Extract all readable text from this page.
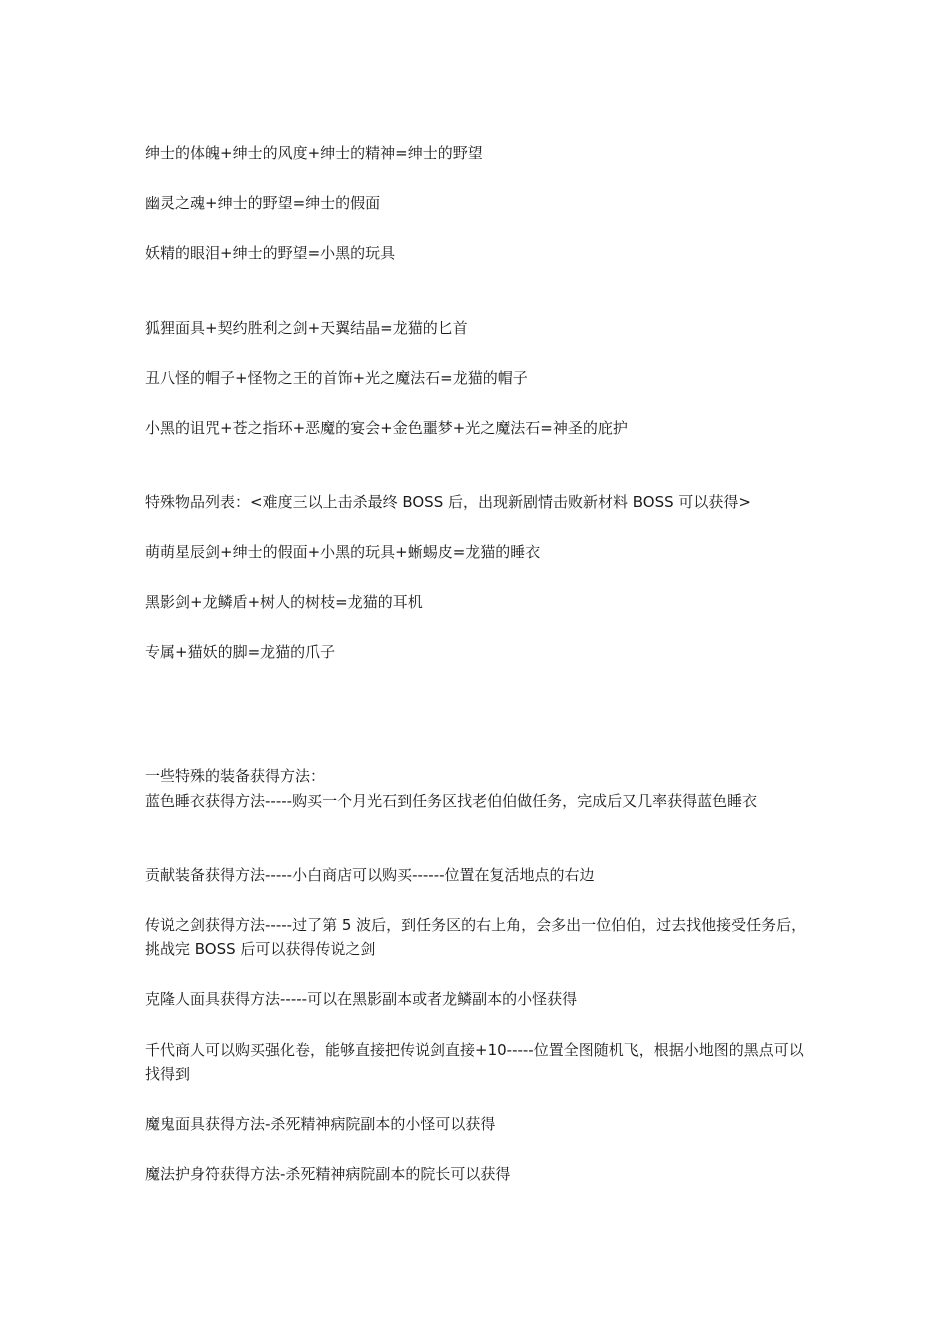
绅士的体魄+绅士的风度+绅士的精神=绅士的野望
幽灵之魂+绅士的野望=绅士的假面
妖精的眼泪+绅士的野望=小黑的玩具
狐狸面具+契约胜利之剑+天翼结晶=龙猫的匕首
丑八怪的帽子+怪物之王的首饰+光之魔法石=龙猫的帽子
小黑的诅咒+苍之指环+恶魔的宴会+金色噩梦+光之魔法石=神圣的庇护
特殊物品列表：<难度三以上击杀最终 BOSS 后，出现新剧情击败新材料 BOSS 可以获得>
萌萌星辰剑+绅士的假面+小黑的玩具+蜥蜴皮=龙猫的睡衣
黑影剑+龙鳞盾+树人的树枝=龙猫的耳机
专属+猫妖的脚=龙猫的爪子
一些特殊的装备获得方法：
蓝色睡衣获得方法-----购买一个月光石到任务区找老伯伯做任务，完成后又几率获得蓝色睡衣
贡献装备获得方法-----小白商店可以购买------位置在复活地点的右边
传说之剑获得方法-----过了第 5 波后，到任务区的右上角，会多出一位伯伯，过去找他接受任务后，挑战完 BOSS 后可以获得传说之剑
克隆人面具获得方法-----可以在黑影副本或者龙鳞副本的小怪获得
千代商人可以购买强化卷，能够直接把传说剑直接+10-----位置全图随机飞，根据小地图的黑点可以找得到
魔鬼面具获得方法-杀死精神病院副本的小怪可以获得
魔法护身符获得方法-杀死精神病院副本的院长可以获得
